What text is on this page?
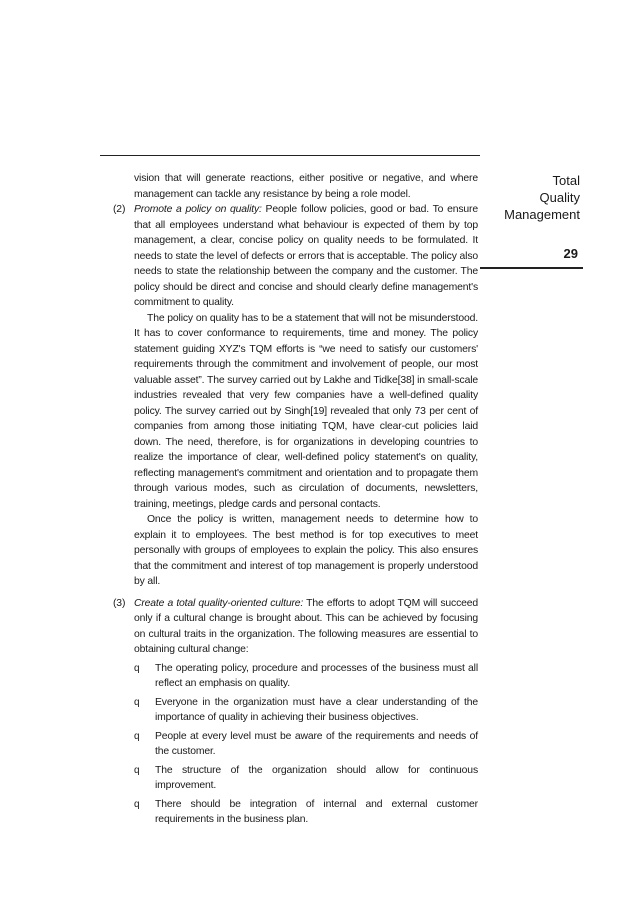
Total
Quality
Management
29

vision that will generate reactions, either positive or negative, and where management can tackle any resistance by being a role model.

(2) Promote a policy on quality: People follow policies, good or bad. To ensure that all employees understand what behaviour is expected of them by top management, a clear, concise policy on quality needs to be formulated. It needs to state the level of defects or errors that is acceptable. The policy also needs to state the relationship between the company and the customer. The policy should be direct and concise and should clearly define management's commitment to quality.

The policy on quality has to be a statement that will not be misunderstood. It has to cover conformance to requirements, time and money. The policy statement guiding XYZ's TQM efforts is “we need to satisfy our customers' requirements through the commitment and involvement of people, our most valuable asset”. The survey carried out by Lakhe and Tidke[38] in small-scale industries revealed that very few companies have a well-defined quality policy. The survey carried out by Singh[19] revealed that only 73 per cent of companies from among those initiating TQM, have clear-cut policies laid down. The need, therefore, is for organizations in developing countries to realize the importance of clear, well-defined policy statement's on quality, reflecting management's commitment and orientation and to propagate them through various modes, such as circulation of documents, newsletters, training, meetings, pledge cards and personal contacts.

Once the policy is written, management needs to determine how to explain it to employees. The best method is for top executives to meet personally with groups of employees to explain the policy. This also ensures that the commitment and interest of top management is properly understood by all.

(3) Create a total quality-oriented culture: The efforts to adopt TQM will succeed only if a cultural change is brought about. This can be achieved by focusing on cultural traits in the organization. The following measures are essential to obtaining cultural change:

q	The operating policy, procedure and processes of the business must all reflect an emphasis on quality.
q	Everyone in the organization must have a clear understanding of the importance of quality in achieving their business objectives.
q	People at every level must be aware of the requirements and needs of the customer.
q	The structure of the organization should allow for continuous improvement.
q	There should be integration of internal and external customer requirements in the business plan.
